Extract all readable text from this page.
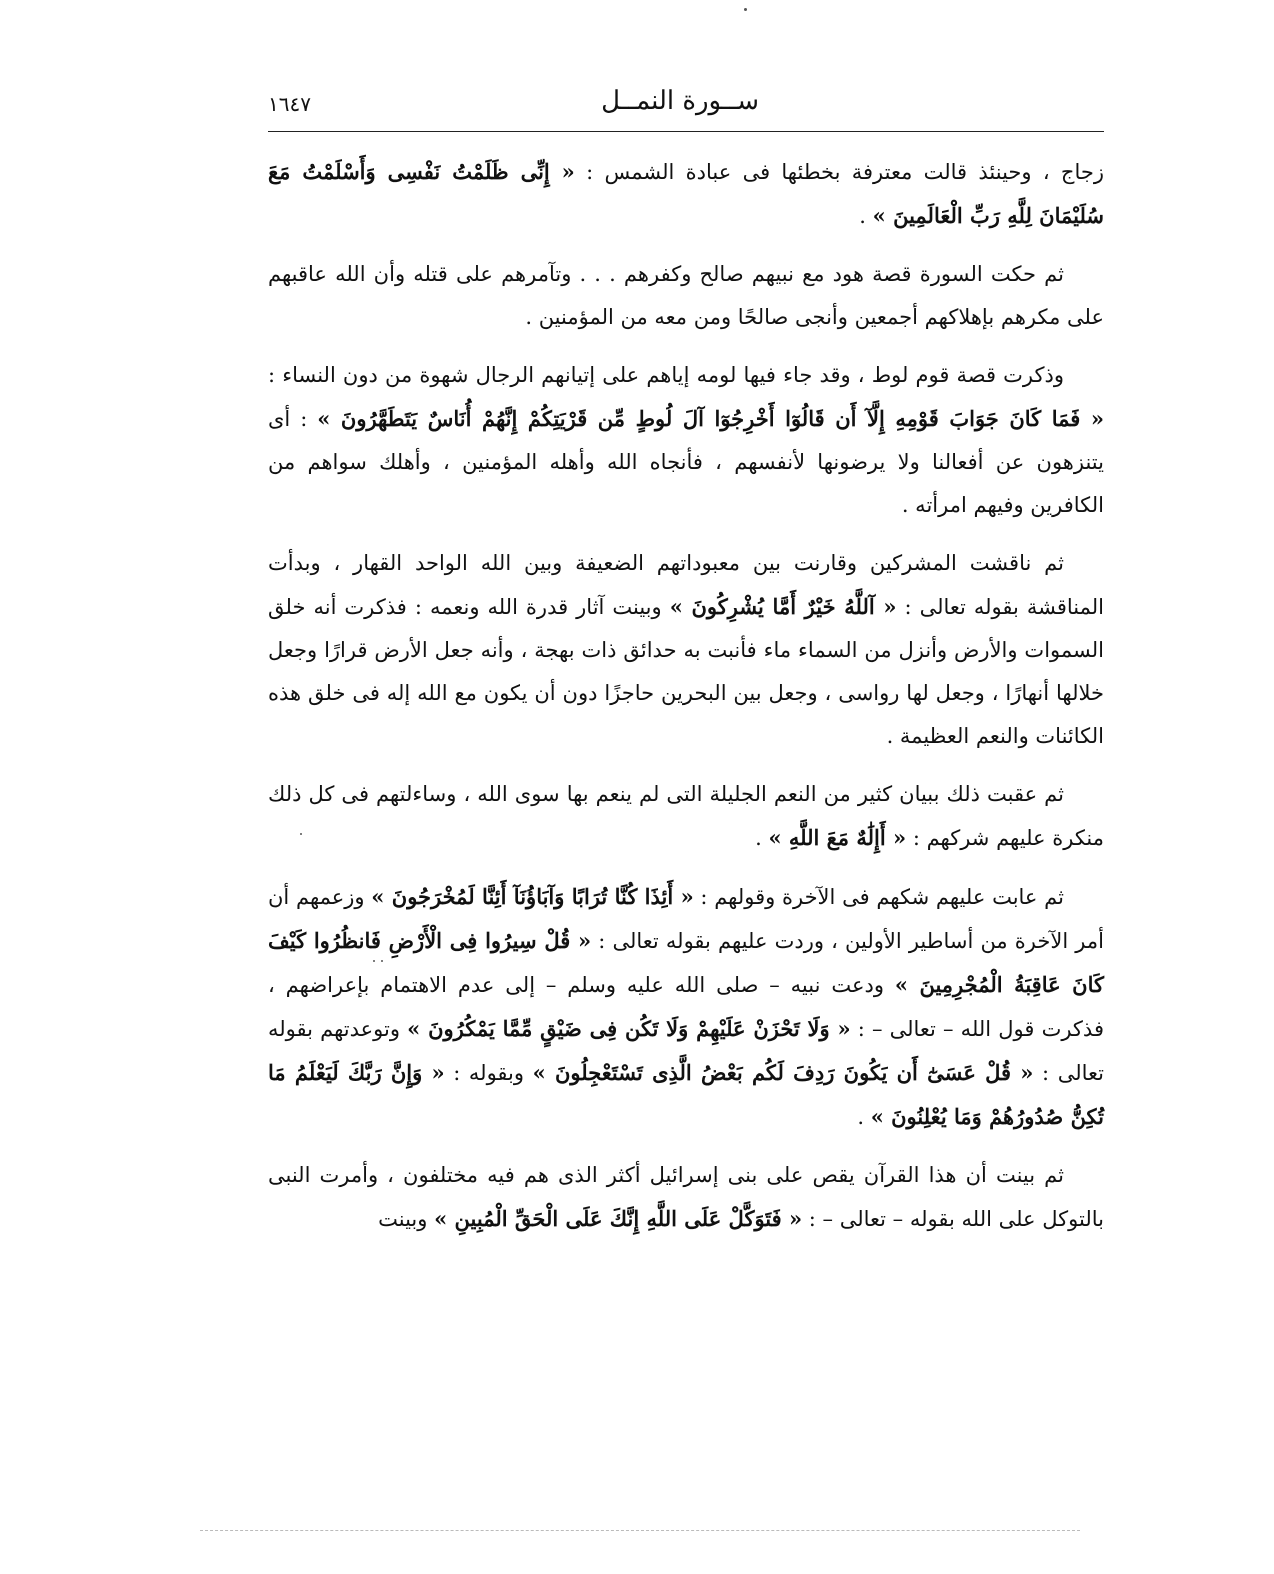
ســورة النمــل
١٦٤٧

زجاج ، وحينئذ قالت معترفة بخطئها فى عبادة الشمس : « إِنِّى ظَلَمْتُ نَفْسِى وَأَسْلَمْتُ مَعَ سُلَيْمَانَ لِلَّهِ رَبِّ الْعَالَمِينَ » .

ثم حكت السورة قصة هود مع نبيهم صالح وكفرهم . . . وتآمرهم على قتله وأن الله عاقبهم على مكرهم بإهلاكهم أجمعين وأنجى صالحًا ومن معه من المؤمنين .

وذكرت قصة قوم لوط ، وقد جاء فيها لومه إياهم على إتيانهم الرجال شهوة من دون النساء : « فَمَا كَانَ جَوَابَ قَوْمِهِ إِلَّآ أَن قَالُوٓا أَخْرِجُوٓا آلَ لُوطٍ مِّن قَرْيَتِكُمْ إِنَّهُمْ أُنَاسٌ يَتَطَهَّرُونَ » : أى يتنزهون عن أفعالنا ولا يرضونها لأنفسهم ، فأنجاه الله وأهله المؤمنين ، وأهلك سواهم من الكافرين وفيهم امرأته .

ثم ناقشت المشركين وقارنت بين معبوداتهم الضعيفة وبين الله الواحد القهار ، وبدأت المناقشة بقوله تعالى : « آللَّهُ خَيْرٌ أَمَّا يُشْرِكُونَ » وبينت آثار قدرة الله ونعمه : فذكرت أنه خلق السموات والأرض وأنزل من السماء ماء فأنبت به حدائق ذات بهجة ، وأنه جعل الأرض قرارًا وجعل خلالها أنهارًا ، وجعل لها رواسى ، وجعل بين البحرين حاجزًا دون أن يكون مع الله إله فى خلق هذه الكائنات والنعم العظيمة .

ثم عقبت ذلك ببيان كثير من النعم الجليلة التى لم ينعم بها سوى الله ، وساءلتهم فى كل ذلك منكرة عليهم شركهم : « أَإِلَٰهٌ مَعَ اللَّهِ » .

ثم عابت عليهم شكهم فى الآخرة وقولهم : « أَئِذَا كُنَّا تُرَابًا وَآبَاؤُنَآ أَئِنَّا لَمُخْرَجُونَ » وزعمهم أن أمر الآخرة من أساطير الأولين ، وردت عليهم بقوله تعالى : « قُلْ سِيرُوا فِى الْأَرْضِ فَانظُرُوا كَيْفَ كَانَ عَاقِبَةُ الْمُجْرِمِينَ » ودعت نبيه – صلى الله عليه وسلم – إلى عدم الاهتمام بإعراضهم ، فذكرت قول الله – تعالى – : « وَلَا تَحْزَنْ عَلَيْهِمْ وَلَا تَكُن فِى ضَيْقٍ مِّمَّا يَمْكُرُونَ » وتوعدتهم بقوله تعالى : « قُلْ عَسَىٰٓ أَن يَكُونَ رَدِفَ لَكُم بَعْضُ الَّذِى تَسْتَعْجِلُونَ » وبقوله : « وَإِنَّ رَبَّكَ لَيَعْلَمُ مَا تُكِنُّ صُدُورُهُمْ وَمَا يُعْلِنُونَ » .

ثم بينت أن هذا القرآن يقص على بنى إسرائيل أكثر الذى هم فيه مختلفون ، وأمرت النبى بالتوكل على الله بقوله – تعالى – : « فَتَوَكَّلْ عَلَى اللَّهِ إِنَّكَ عَلَى الْحَقِّ الْمُبِينِ » وبينت
